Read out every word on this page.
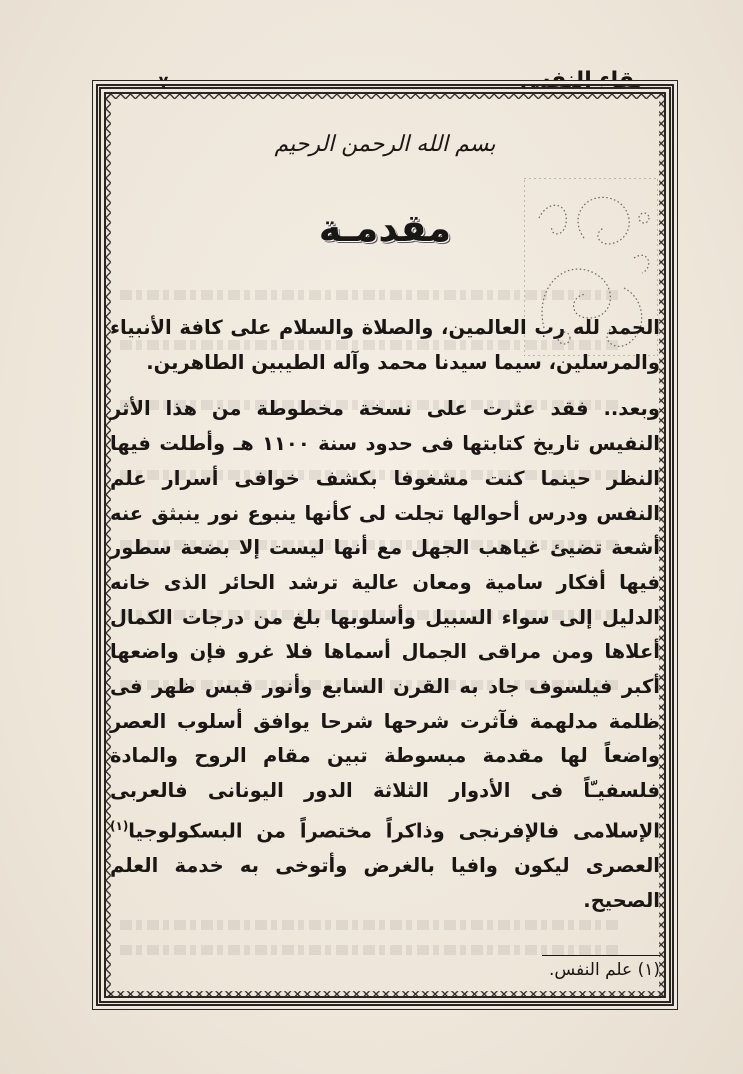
بقاء النفس
-٧-
بسم الله الرحمن الرحيم
مقدمـة

الحمد لله رب العالمين، والصلاة والسلام على كافة الأنبياء والمرسلين، سيما سيدنا محمد وآله الطيبين الطاهرين.

وبعد.. فقد عثرت على نسخة مخطوطة من هذا الأثر النفيس تاريخ كتابتها فى حدود سنة ١١٠٠ هـ وأطلت فيها النظر حينما كنت مشغوفا بكشف خوافى أسرار علم النفس ودرس أحوالها تجلت لى كأنها ينبوع نور ينبثق عنه أشعة تضيئ غياهب الجهل مع أنها ليست إلا بضعة سطور فيها أفكار سامية ومعان عالية ترشد الحائر الذى خانه الدليل إلى سواء السبيل وأسلوبها بلغ من درجات الكمال أعلاها ومن مراقى الجمال أسماها فلا غرو فإن واضعها أكبر فيلسوف جاد به القرن السابع وأنور قبس ظهر فى ظلمة مدلهمة فآثرت شرحها شرحا يوافق أسلوب العصر واضعاً لها مقدمة مبسوطة تبين مقام الروح والمادة فلسفيـّاً فى الأدوار الثلاثة الدور اليونانى فالعربى الإسلامى فالإفرنجى وذاكراً مختصراً من البسكولوجيا$^{(١)}$ العصرى ليكون وافيا بالغرض وأتوخى به خدمة العلم الصحيح.

(١) علم النفس.
